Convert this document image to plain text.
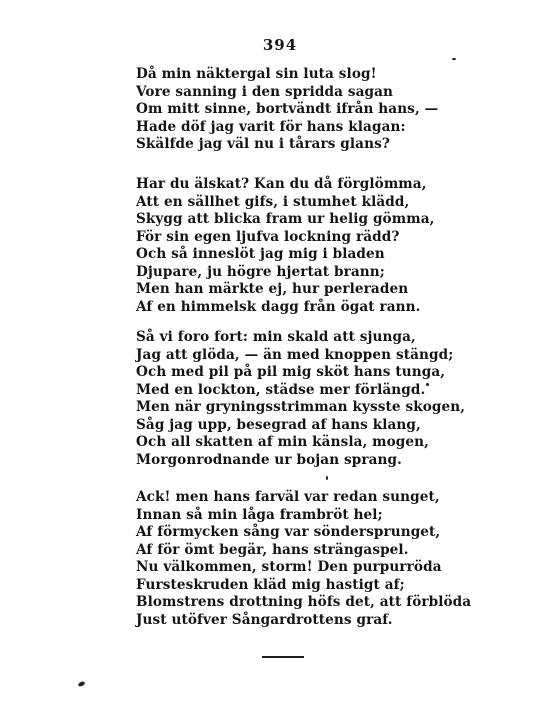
394
Då min näktergal sin luta slog!
Vore sanning i den spridda sagan
Om mitt sinne, bortvändt ifrån hans, —
Hade döf jag varit för hans klagan:
Skälfde jag väl nu i tårars glans?
Har du älskat? Kan du då förglömma,
Att en sällhet gifs, i stumhet klädd,
Skygg att blicka fram ur helig gömma,
För sin egen ljufva lockning rädd?
Och så inneslöt jag mig i bladen
Djupare, ju högre hjertat brann;
Men han märkte ej, hur perleraden
Af en himmelsk dagg från ögat rann.
Så vi foro fort: min skald att sjunga,
Jag att glöda, — än med knoppen stängd;
Och med pil på pil mig sköt hans tunga,
Med en lockton, städse mer förlängd.
Men när gryningsstrimman kysste skogen,
Såg jag upp, besegrad af hans klang,
Och all skatten af min känsla, mogen,
Morgonrodnande ur bojan sprang.
Ack! men hans farväl var redan sunget,
Innan så min låga frambröt hel;
Af förmycken sång var söndersprunget,
Af för ömt begär, hans strängaspel.
Nu välkommen, storm! Den purpurröda
Fursteskruden kläd mig hastigt af;
Blomstrens drottning höfs det, att förblöda
Just utöfver Sångardrottens graf.
